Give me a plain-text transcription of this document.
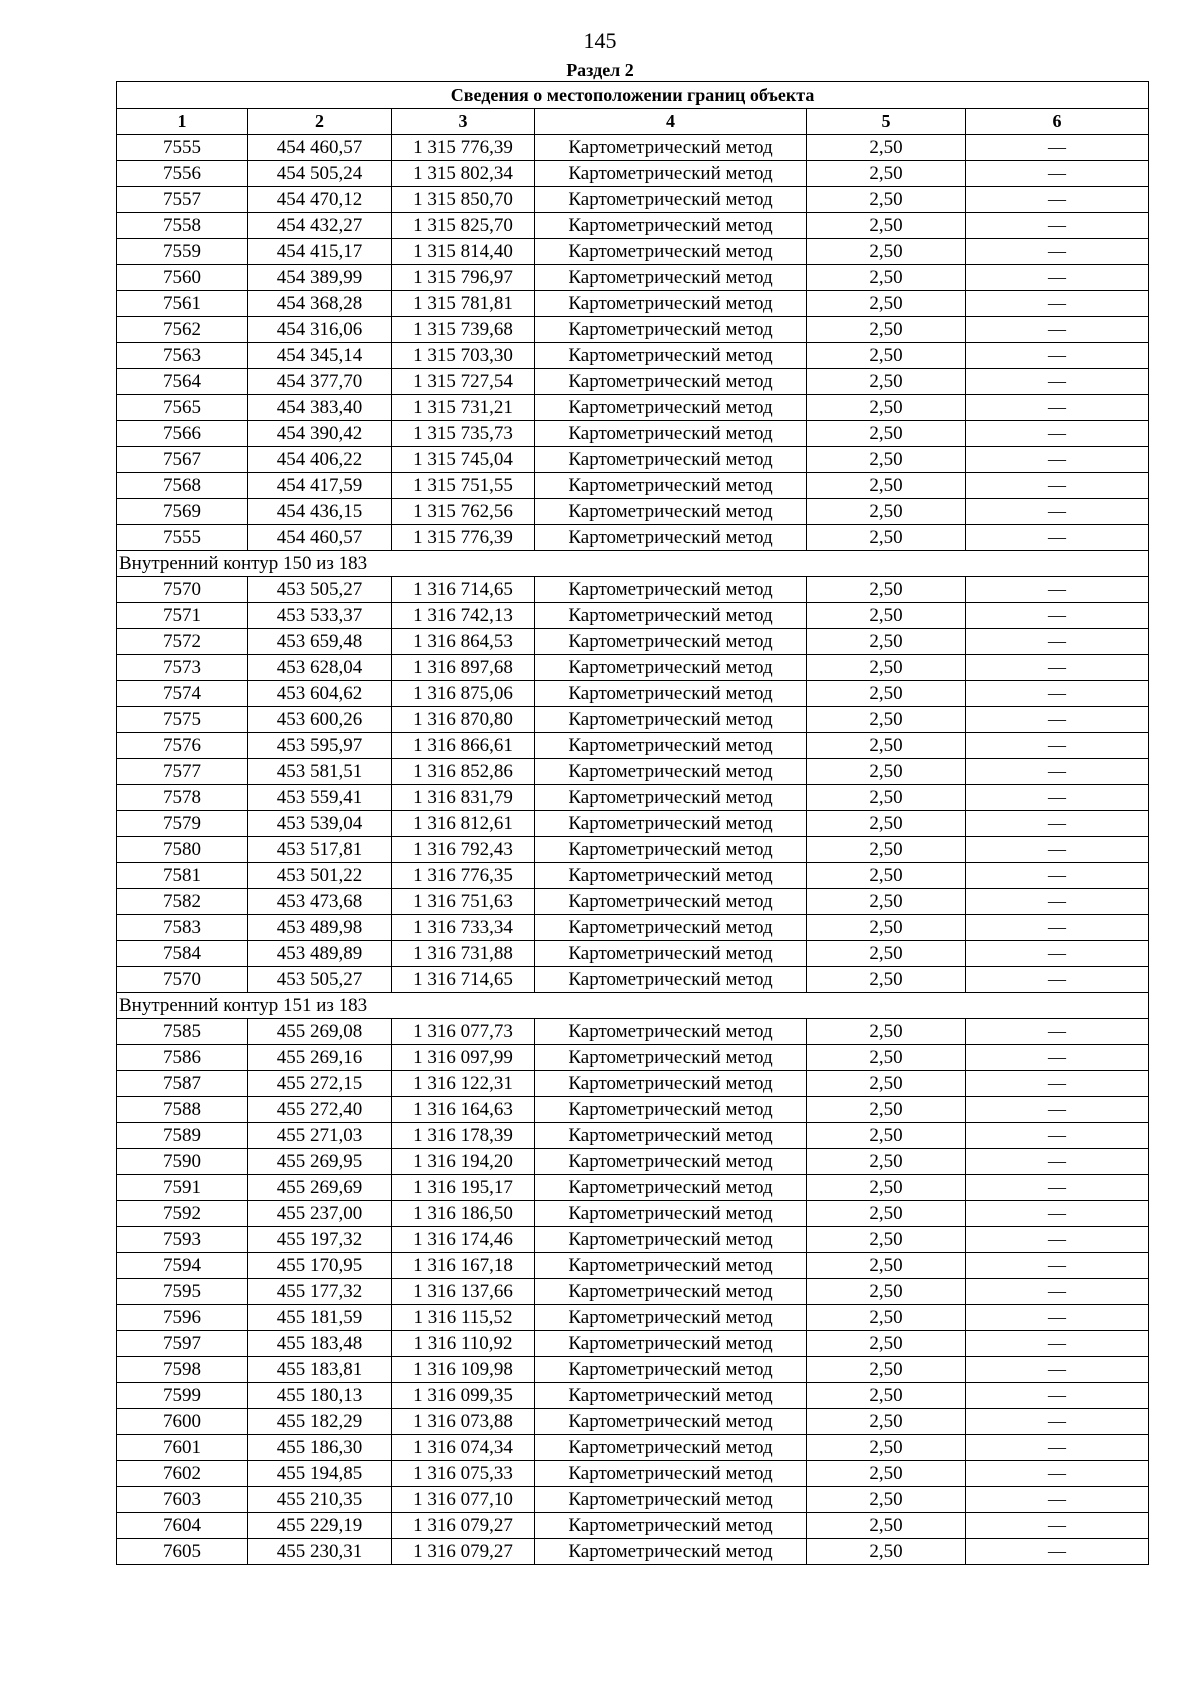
145
Раздел 2
Сведения о местоположении границ объекта					
1	2	3	4	5	6
7555	454 460,57	1 315 776,39	Картометрический метод	2,50	—
7556	454 505,24	1 315 802,34	Картометрический метод	2,50	—
7557	454 470,12	1 315 850,70	Картометрический метод	2,50	—
7558	454 432,27	1 315 825,70	Картометрический метод	2,50	—
7559	454 415,17	1 315 814,40	Картометрический метод	2,50	—
7560	454 389,99	1 315 796,97	Картометрический метод	2,50	—
7561	454 368,28	1 315 781,81	Картометрический метод	2,50	—
7562	454 316,06	1 315 739,68	Картометрический метод	2,50	—
7563	454 345,14	1 315 703,30	Картометрический метод	2,50	—
7564	454 377,70	1 315 727,54	Картометрический метод	2,50	—
7565	454 383,40	1 315 731,21	Картометрический метод	2,50	—
7566	454 390,42	1 315 735,73	Картометрический метод	2,50	—
7567	454 406,22	1 315 745,04	Картометрический метод	2,50	—
7568	454 417,59	1 315 751,55	Картометрический метод	2,50	—
7569	454 436,15	1 315 762,56	Картометрический метод	2,50	—
7555	454 460,57	1 315 776,39	Картометрический метод	2,50	—
Внутренний контур 150 из 183					
7570	453 505,27	1 316 714,65	Картометрический метод	2,50	—
7571	453 533,37	1 316 742,13	Картометрический метод	2,50	—
7572	453 659,48	1 316 864,53	Картометрический метод	2,50	—
7573	453 628,04	1 316 897,68	Картометрический метод	2,50	—
7574	453 604,62	1 316 875,06	Картометрический метод	2,50	—
7575	453 600,26	1 316 870,80	Картометрический метод	2,50	—
7576	453 595,97	1 316 866,61	Картометрический метод	2,50	—
7577	453 581,51	1 316 852,86	Картометрический метод	2,50	—
7578	453 559,41	1 316 831,79	Картометрический метод	2,50	—
7579	453 539,04	1 316 812,61	Картометрический метод	2,50	—
7580	453 517,81	1 316 792,43	Картометрический метод	2,50	—
7581	453 501,22	1 316 776,35	Картометрический метод	2,50	—
7582	453 473,68	1 316 751,63	Картометрический метод	2,50	—
7583	453 489,98	1 316 733,34	Картометрический метод	2,50	—
7584	453 489,89	1 316 731,88	Картометрический метод	2,50	—
7570	453 505,27	1 316 714,65	Картометрический метод	2,50	—
Внутренний контур 151 из 183					
7585	455 269,08	1 316 077,73	Картометрический метод	2,50	—
7586	455 269,16	1 316 097,99	Картометрический метод	2,50	—
7587	455 272,15	1 316 122,31	Картометрический метод	2,50	—
7588	455 272,40	1 316 164,63	Картометрический метод	2,50	—
7589	455 271,03	1 316 178,39	Картометрический метод	2,50	—
7590	455 269,95	1 316 194,20	Картометрический метод	2,50	—
7591	455 269,69	1 316 195,17	Картометрический метод	2,50	—
7592	455 237,00	1 316 186,50	Картометрический метод	2,50	—
7593	455 197,32	1 316 174,46	Картометрический метод	2,50	—
7594	455 170,95	1 316 167,18	Картометрический метод	2,50	—
7595	455 177,32	1 316 137,66	Картометрический метод	2,50	—
7596	455 181,59	1 316 115,52	Картометрический метод	2,50	—
7597	455 183,48	1 316 110,92	Картометрический метод	2,50	—
7598	455 183,81	1 316 109,98	Картометрический метод	2,50	—
7599	455 180,13	1 316 099,35	Картометрический метод	2,50	—
7600	455 182,29	1 316 073,88	Картометрический метод	2,50	—
7601	455 186,30	1 316 074,34	Картометрический метод	2,50	—
7602	455 194,85	1 316 075,33	Картометрический метод	2,50	—
7603	455 210,35	1 316 077,10	Картометрический метод	2,50	—
7604	455 229,19	1 316 079,27	Картометрический метод	2,50	—
7605	455 230,31	1 316 079,27	Картометрический метод	2,50	—
